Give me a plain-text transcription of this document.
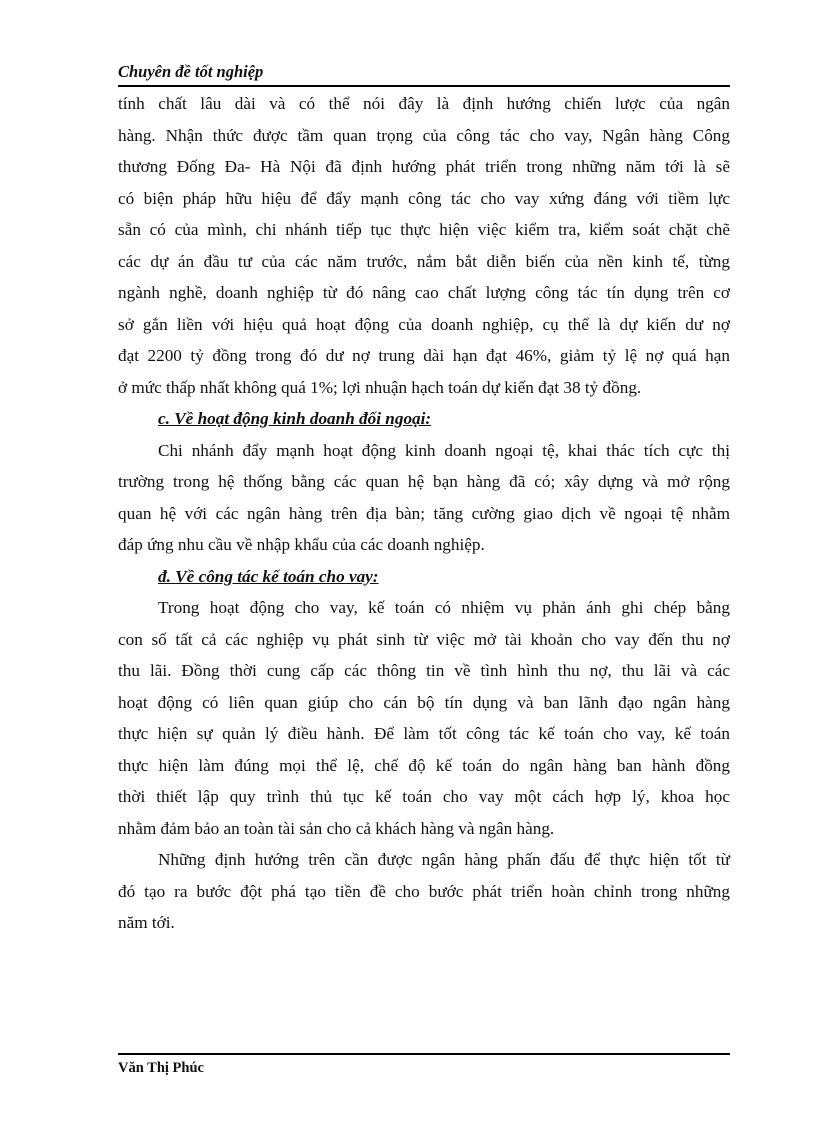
Chuyên đề tốt nghiệp
tính chất lâu dài và có thể nói đây là định hướng chiến lược của ngân
hàng. Nhận thức được tầm quan trọng của công tác cho vay, Ngân hàng Công
thương Đống Đa- Hà Nội đã định hướng phát triển trong những năm tới là sẽ
có biện pháp hữu hiệu để đẩy mạnh công tác cho vay xứng đáng với tiềm lực
sẵn có của mình, chi nhánh tiếp tục thực hiện việc kiểm tra, kiểm soát chặt chẽ
các dự án đầu tư của các năm trước, nắm bắt diễn biến của nền kinh tế, từng
ngành nghề, doanh nghiệp từ đó nâng cao chất lượng công tác tín dụng trên cơ
sở gắn liền với hiệu quả hoạt động của doanh nghiệp, cụ thể là dự kiến dư nợ
đạt 2200 tỷ đồng trong đó dư nợ trung dài hạn đạt 46%, giảm tỷ lệ nợ quá hạn
ở mức thấp nhất không quá 1%; lợi nhuận hạch toán dự kiến đạt 38 tỷ đồng.
c. Về hoạt động kinh doanh đối ngoại:
Chi nhánh đẩy mạnh hoạt động kinh doanh ngoại tệ, khai thác tích cực thị
trường trong hệ thống bằng các quan hệ bạn hàng đã có; xây dựng và mở rộng
quan hệ với các ngân hàng trên địa bàn; tăng cường giao dịch về ngoại tệ nhằm
đáp ứng nhu cầu về nhập khẩu của các doanh nghiệp.
đ. Về công tác kế toán cho vay:
Trong hoạt động cho vay, kế toán có nhiệm vụ phản ánh ghi chép bằng
con số tất cả các nghiệp vụ phát sinh từ việc mở tài khoản cho vay đến thu nợ
thu lãi. Đồng thời cung cấp các thông tin về tình hình thu nợ, thu lãi và các
hoạt động có liên quan giúp cho cán bộ tín dụng và ban lãnh đạo ngân hàng
thực hiện sự quản lý điều hành. Để làm tốt công tác kế toán cho vay, kế toán
thực hiện làm đúng mọi thể lệ, chế độ kế toán do ngân hàng ban hành đồng
thời thiết lập quy trình thủ tục kế toán cho vay một cách hợp lý, khoa học
nhằm đảm bảo an toàn tài sản cho cả khách hàng và ngân hàng.
Những định hướng trên cần được ngân hàng phấn đấu để thực hiện tốt từ
đó tạo ra bước đột phá tạo tiền đề cho bước phát triển hoàn chỉnh trong những
năm tới.
Văn Thị Phúc
